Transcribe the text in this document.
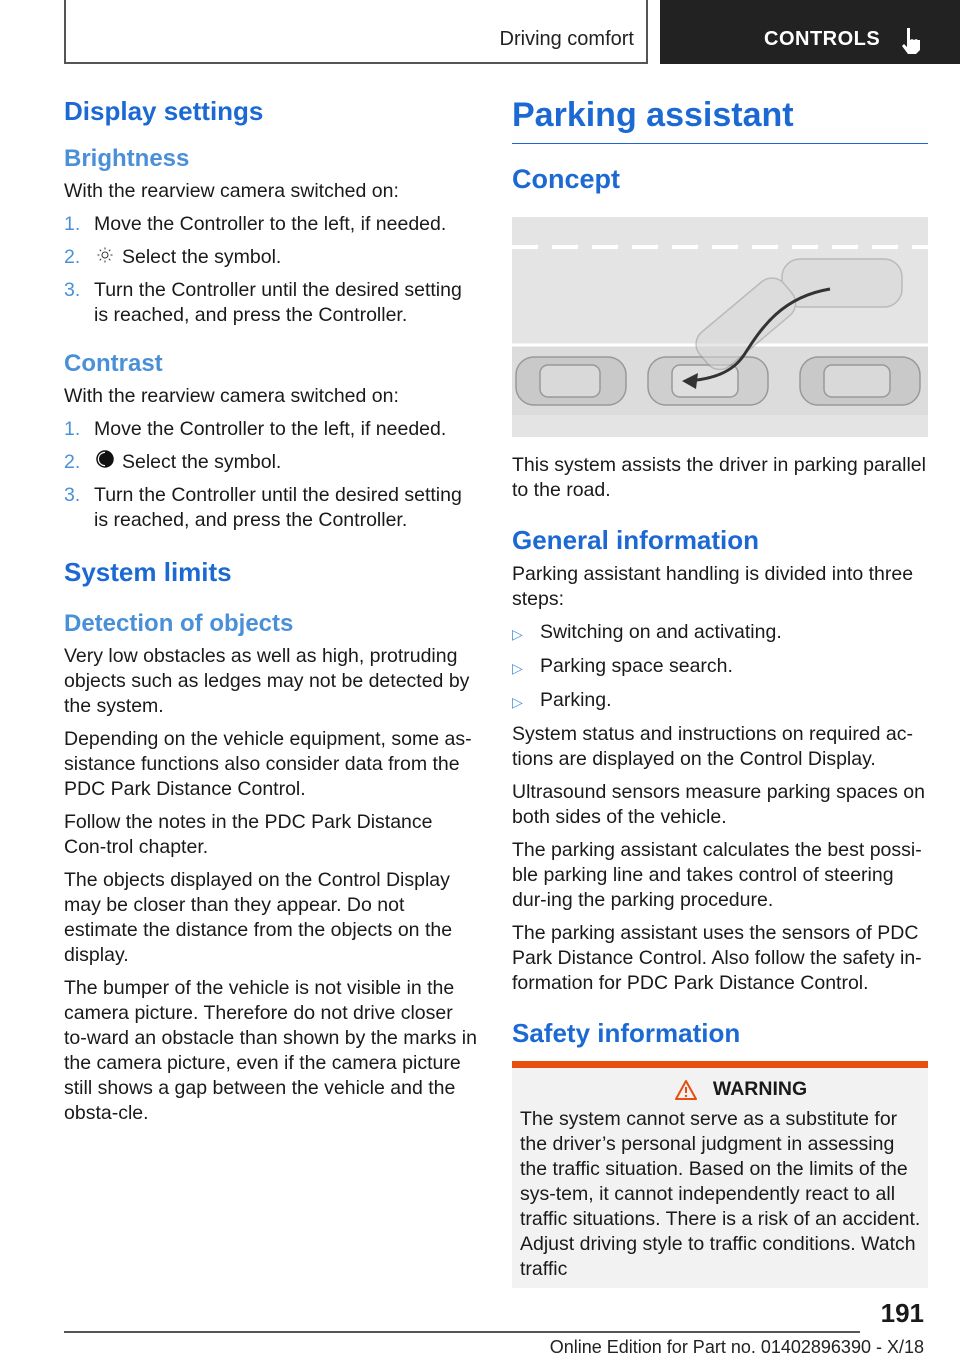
Driving comfort	CONTROLS
Display settings
Brightness

With the rearview camera switched on:

1. Move the Controller to the left, if needed.
2.	Select the symbol.
3. Turn the Controller until the desired setting is reached, and press the Controller.
Contrast

With the rearview camera switched on:

1. Move the Controller to the left, if needed.
2.	Select the symbol.
3. Turn the Controller until the desired setting is reached, and press the Controller.
System limits
Detection of objects

Very low obstacles as well as high, protruding objects such as ledges may not be detected by the system.

Depending on the vehicle equipment, some as-sistance functions also consider data from the PDC Park Distance Control.

Follow the notes in the PDC Park Distance Con-trol chapter.

The objects displayed on the Control Display may be closer than they appear. Do not estimate the distance from the objects on the display.

The bumper of the vehicle is not visible in the camera picture. Therefore do not drive closer to-ward an obstacle than shown by the marks in the camera picture, even if the camera picture still shows a gap between the vehicle and the obsta-cle.

Parking assistant
Concept

This system assists the driver in parking parallel to the road.

General information

Parking assistant handling is divided into three steps:

▷ Switching on and activating.
▷ Parking space search.
▷ Parking.

System status and instructions on required ac-tions are displayed on the Control Display.

Ultrasound sensors measure parking spaces on both sides of the vehicle.

The parking assistant calculates the best possi-ble parking line and takes control of steering dur-ing the parking procedure.

The parking assistant uses the sensors of PDC Park Distance Control. Also follow the safety in-formation for PDC Park Distance Control.

Safety information
WARNING

The system cannot serve as a substitute for the driver’s personal judgment in assessing the traffic situation. Based on the limits of the sys-tem, it cannot independently react to all traffic situations. There is a risk of an accident. Adjust driving style to traffic conditions. Watch traffic

191
Online Edition for Part no. 01402896390 - X/18
